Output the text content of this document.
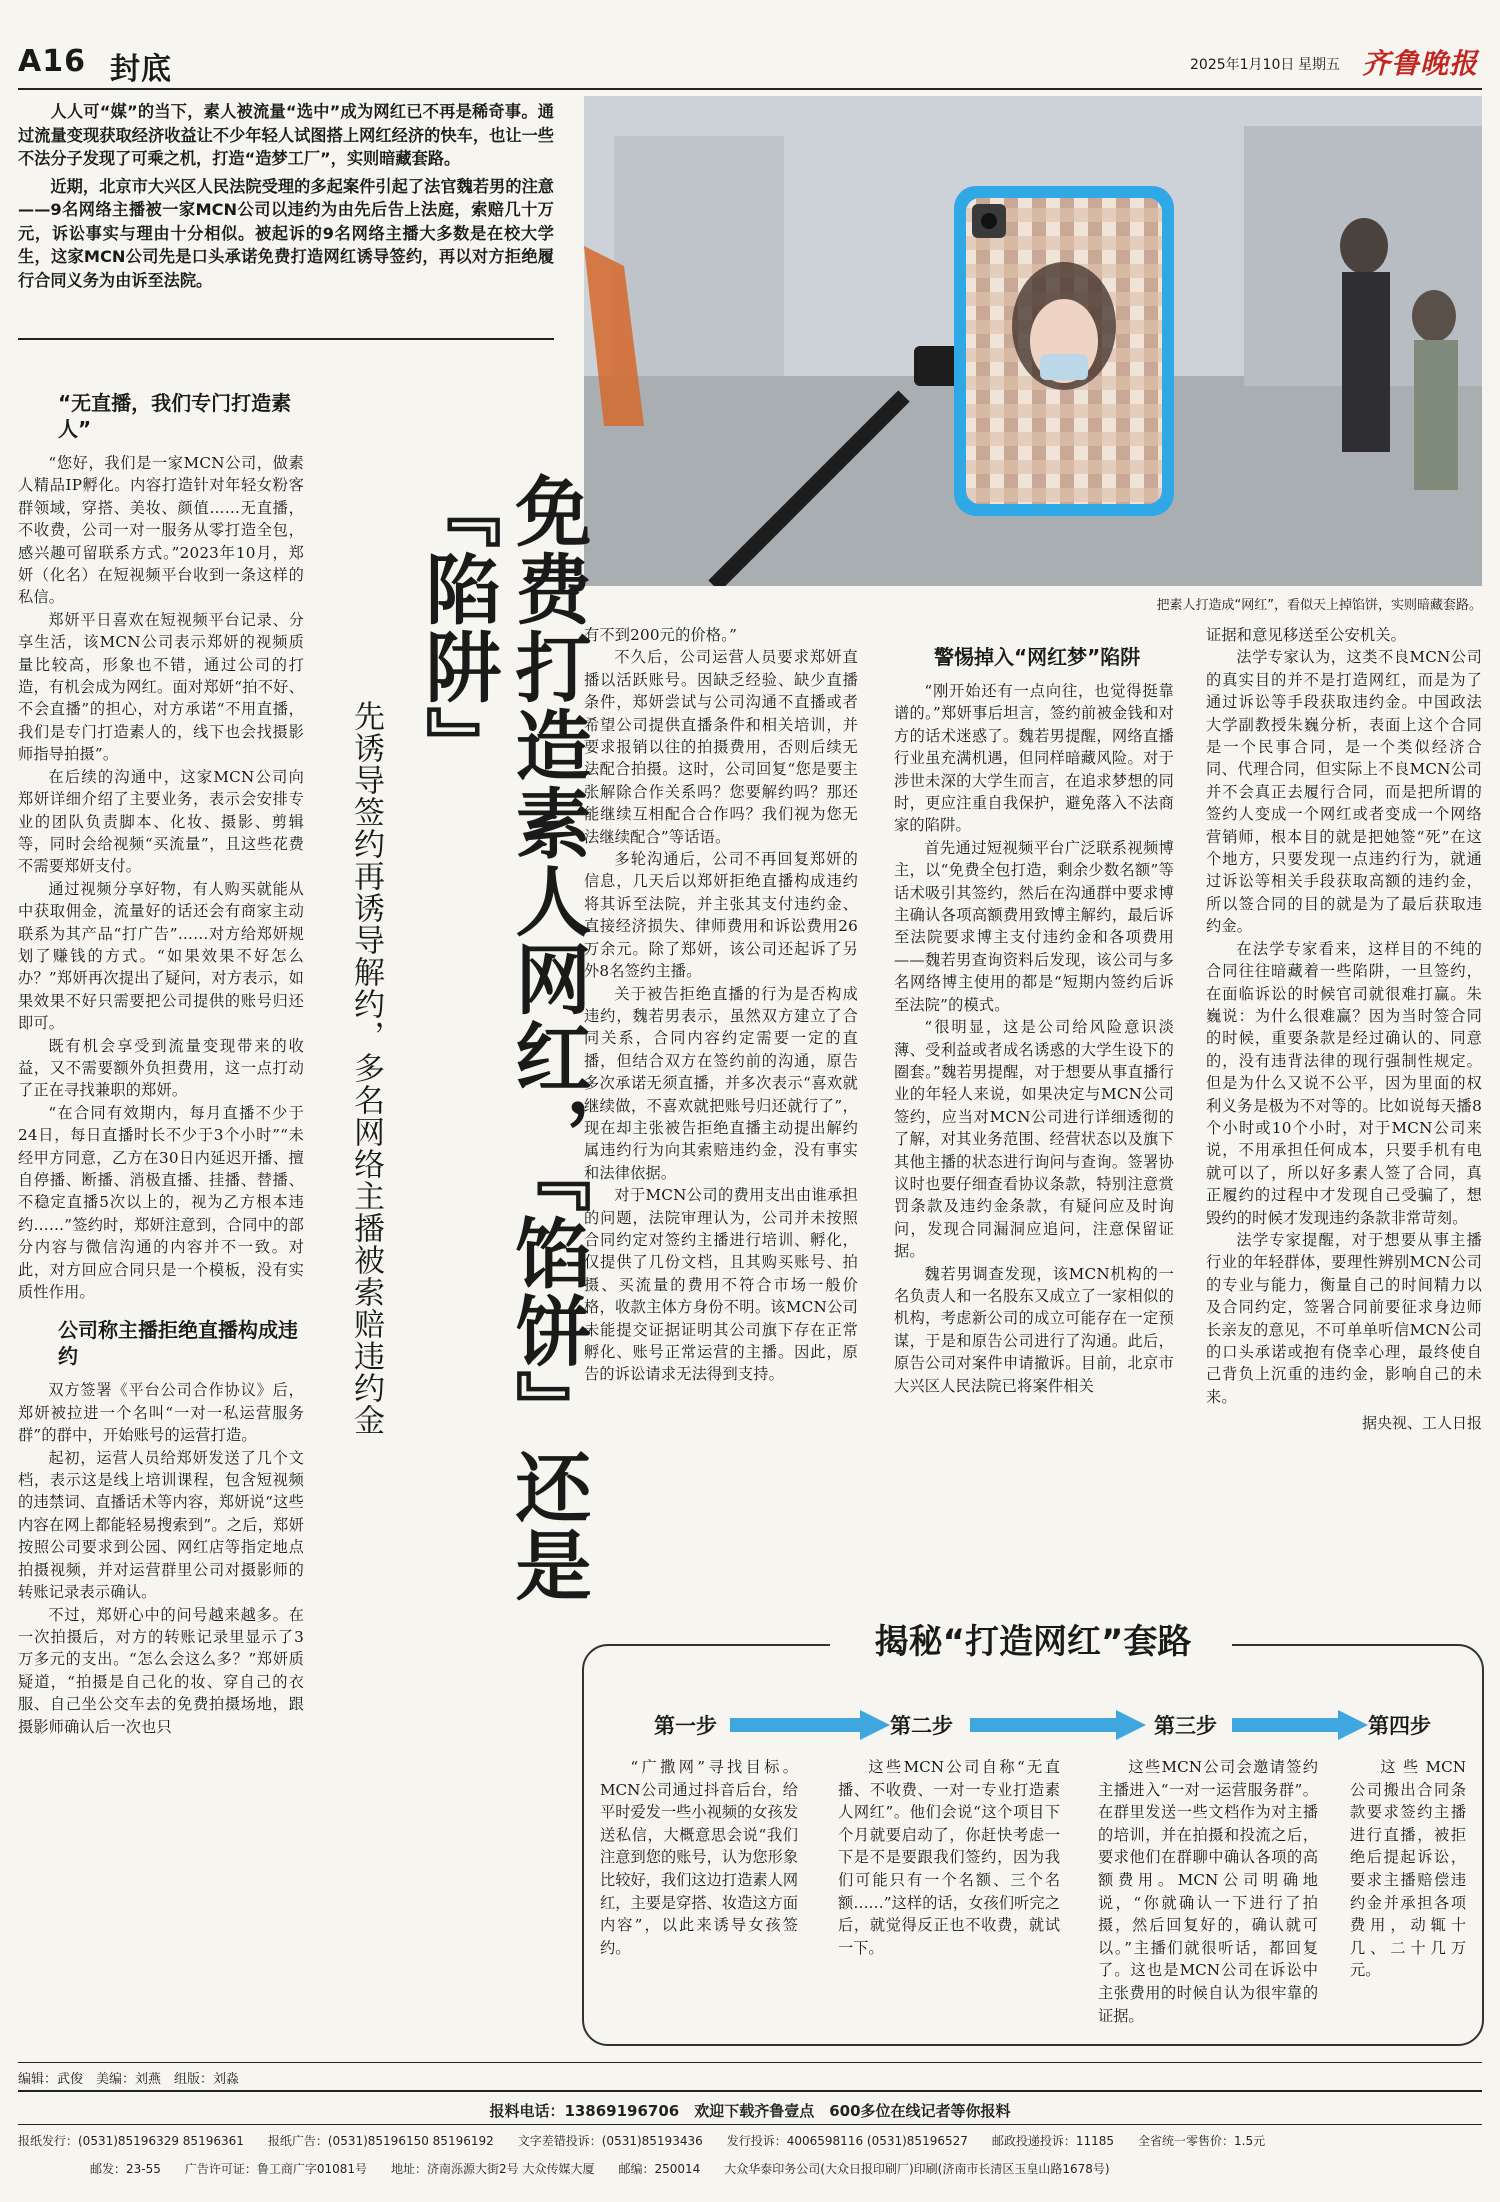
A16 封底	2025年1月10日 星期五 齐鲁晚报

人人可“媒”的当下，素人被流量“选中”成为网红已不再是稀奇事。通过流量变现获取经济收益让不少年轻人试图搭上网红经济的快车，也让一些不法分子发现了可乘之机，打造“造梦工厂”，实则暗藏套路。

近期，北京市大兴区人民法院受理的多起案件引起了法官魏若男的注意——9名网络主播被一家MCN公司以违约为由先后告上法庭，索赔几十万元，诉讼事实与理由十分相似。被起诉的9名网络主播大多数是在校大学生，这家MCN公司先是口头承诺免费打造网红诱导签约，再以对方拒绝履行合同义务为由诉至法院。

把素人打造成“网红”，看似天上掉馅饼，实则暗藏套路。
“无直播，我们专门打造素人”

“您好，我们是一家MCN公司，做素人精品IP孵化。内容打造针对年轻女粉客群领域，穿搭、美妆、颜值……无直播，不收费，公司一对一服务从零打造全包，感兴趣可留联系方式。”2023年10月，郑妍（化名）在短视频平台收到一条这样的私信。

郑妍平日喜欢在短视频平台记录、分享生活，该MCN公司表示郑妍的视频质量比较高，形象也不错，通过公司的打造，有机会成为网红。面对郑妍“拍不好、不会直播”的担心，对方承诺“不用直播，我们是专门打造素人的，线下也会找摄影师指导拍摄”。

在后续的沟通中，这家MCN公司向郑妍详细介绍了主要业务，表示会安排专业的团队负责脚本、化妆、摄影、剪辑等，同时会给视频“买流量”，且这些花费不需要郑妍支付。

通过视频分享好物，有人购买就能从中获取佣金，流量好的话还会有商家主动联系为其产品“打广告”……对方给郑妍规划了赚钱的方式。“如果效果不好怎么办？”郑妍再次提出了疑问，对方表示，如果效果不好只需要把公司提供的账号归还即可。

既有机会享受到流量变现带来的收益，又不需要额外负担费用，这一点打动了正在寻找兼职的郑妍。

“在合同有效期内，每月直播不少于24日，每日直播时长不少于3个小时”“未经甲方同意，乙方在30日内延迟开播、擅自停播、断播、消极直播、挂播、替播、不稳定直播5次以上的，视为乙方根本违约……”签约时，郑妍注意到，合同中的部分内容与微信沟通的内容并不一致。对此，对方回应合同只是一个模板，没有实质性作用。

公司称主播拒绝直播构成违约

双方签署《平台公司合作协议》后，郑妍被拉进一个名叫“一对一私运营服务群”的群中，开始账号的运营打造。

起初，运营人员给郑妍发送了几个文档，表示这是线上培训课程，包含短视频的违禁词、直播话术等内容，郑妍说“这些内容在网上都能轻易搜索到”。之后，郑妍按照公司要求到公园、网红店等指定地点拍摄视频，并对运营群里公司对摄影师的转账记录表示确认。

不过，郑妍心中的问号越来越多。在一次拍摄后，对方的转账记录里显示了3万多元的支出。“怎么会这么多？”郑妍质疑道，“拍摄是自己化的妆、穿自己的衣服、自己坐公交车去的免费拍摄场地，跟摄影师确认后一次也只

免费打造素人网红，『馅饼』还是『陷阱』
先诱导签约再诱导解约，多名网络主播被索赔违约金

有不到200元的价格。”

不久后，公司运营人员要求郑妍直播以活跃账号。因缺乏经验、缺少直播条件，郑妍尝试与公司沟通不直播或者希望公司提供直播条件和相关培训，并要求报销以往的拍摄费用，否则后续无法配合拍摄。这时，公司回复“您是要主张解除合作关系吗？您要解约吗？那还能继续互相配合合作吗？我们视为您无法继续配合”等话语。

多轮沟通后，公司不再回复郑妍的信息，几天后以郑妍拒绝直播构成违约将其诉至法院，并主张其支付违约金、直接经济损失、律师费用和诉讼费用26万余元。除了郑妍，该公司还起诉了另外8名签约主播。

关于被告拒绝直播的行为是否构成违约，魏若男表示，虽然双方建立了合同关系，合同内容约定需要一定的直播，但结合双方在签约前的沟通，原告多次承诺无须直播，并多次表示“喜欢就继续做，不喜欢就把账号归还就行了”，现在却主张被告拒绝直播主动提出解约属违约行为向其索赔违约金，没有事实和法律依据。

对于MCN公司的费用支出由谁承担的问题，法院审理认为，公司并未按照合同约定对签约主播进行培训、孵化，仅提供了几份文档，且其购买账号、拍摄、买流量的费用不符合市场一般价格，收款主体方身份不明。该MCN公司未能提交证据证明其公司旗下存在正常孵化、账号正常运营的主播。因此，原告的诉讼请求无法得到支持。

警惕掉入“网红梦”陷阱

“刚开始还有一点向往，也觉得挺靠谱的。”郑妍事后坦言，签约前被金钱和对方的话术迷惑了。魏若男提醒，网络直播行业虽充满机遇，但同样暗藏风险。对于涉世未深的大学生而言，在追求梦想的同时，更应注重自我保护，避免落入不法商家的陷阱。

首先通过短视频平台广泛联系视频博主，以“免费全包打造，剩余少数名额”等话术吸引其签约，然后在沟通群中要求博主确认各项高额费用致博主解约，最后诉至法院要求博主支付违约金和各项费用——魏若男查询资料后发现，该公司与多名网络博主使用的都是“短期内签约后诉至法院”的模式。

“很明显，这是公司给风险意识淡薄、受利益或者成名诱惑的大学生设下的圈套。”魏若男提醒，对于想要从事直播行业的年轻人来说，如果决定与MCN公司签约，应当对MCN公司进行详细透彻的了解，对其业务范围、经营状态以及旗下其他主播的状态进行询问与查询。签署协议时也要仔细查看协议条款，特别注意赏罚条款及违约金条款，有疑问应及时询问，发现合同漏洞应追问，注意保留证据。

魏若男调查发现，该MCN机构的一名负责人和一名股东又成立了一家相似的机构，考虑新公司的成立可能存在一定预谋，于是和原告公司进行了沟通。此后，原告公司对案件申请撤诉。目前，北京市大兴区人民法院已将案件相关

证据和意见移送至公安机关。

法学专家认为，这类不良MCN公司的真实目的并不是打造网红，而是为了通过诉讼等手段获取违约金。中国政法大学副教授朱巍分析，表面上这个合同是一个民事合同，是一个类似经济合同、代理合同，但实际上不良MCN公司并不会真正去履行合同，而是把所谓的签约人变成一个网红或者变成一个网络营销师，根本目的就是把她签“死”在这个地方，只要发现一点违约行为，就通过诉讼等相关手段获取高额的违约金，所以签合同的目的就是为了最后获取违约金。

在法学专家看来，这样目的不纯的合同往往暗藏着一些陷阱，一旦签约，在面临诉讼的时候官司就很难打赢。朱巍说：为什么很难赢？因为当时签合同的时候，重要条款是经过确认的、同意的，没有违背法律的现行强制性规定。但是为什么又说不公平，因为里面的权利义务是极为不对等的。比如说每天播8个小时或10个小时，对于MCN公司来说，不用承担任何成本，只要手机有电就可以了，所以好多素人签了合同，真正履约的过程中才发现自己受骗了，想毁约的时候才发现违约条款非常苛刻。

法学专家提醒，对于想要从事主播行业的年轻群体，要理性辨别MCN公司的专业与能力，衡量自己的时间精力以及合同约定，签署合同前要征求身边师长亲友的意见，不可单单听信MCN公司的口头承诺或抱有侥幸心理，最终使自己背负上沉重的违约金，影响自己的未来。

据央视、工人日报
揭秘“打造网红”套路
第一步	第二步	第三步	第四步

“广撒网”寻找目标。MCN公司通过抖音后台，给平时爱发一些小视频的女孩发送私信，大概意思会说“我们注意到您的账号，认为您形象比较好，我们这边打造素人网红，主要是穿搭、妆造这方面内容”，以此来诱导女孩签约。

这些MCN公司自称“无直播、不收费、一对一专业打造素人网红”。他们会说“这个项目下个月就要启动了，你赶快考虑一下是不是要跟我们签约，因为我们可能只有一个名额、三个名额……”这样的话，女孩们听完之后，就觉得反正也不收费，就试一下。

这些MCN公司会邀请签约主播进入“一对一运营服务群”。在群里发送一些文档作为对主播的培训，并在拍摄和投流之后，要求他们在群聊中确认各项的高额费用。MCN公司明确地说，“你就确认一下进行了拍摄，然后回复好的，确认就可以。”主播们就很听话，都回复了。这也是MCN公司在诉讼中主张费用的时候自认为很牢靠的证据。

这些MCN公司搬出合同条款要求签约主播进行直播，被拒绝后提起诉讼，要求主播赔偿违约金并承担各项费用，动辄十几、二十几万元。

编辑：武俊　美编：刘燕　组版：刘淼
报料电话：13869196706　欢迎下载齐鲁壹点　600多位在线记者等你报料
报纸发行：(0531)85196329 85196361　　报纸广告：(0531)85196150 85196192　　文字差错投诉：(0531)85193436　　发行投诉：4006598116 (0531)85196527　　邮政投递投诉：11185　　全省统一零售价：1.5元
邮发：23-55　　广告许可证：鲁工商广字01081号　　地址：济南泺源大街2号 大众传媒大厦　　邮编：250014　　大众华泰印务公司(大众日报印刷厂)印刷(济南市长清区玉皇山路1678号)
